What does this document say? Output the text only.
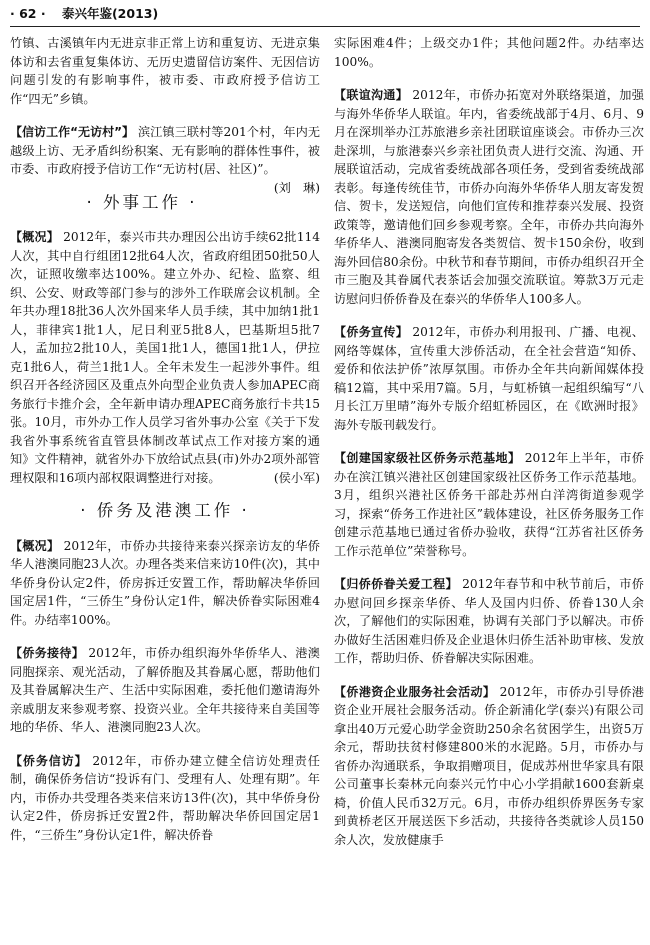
· 62 · 泰兴年鉴(2013)

竹镇、古溪镇年内无进京非正常上访和重复访、无进京集体访和去省重复集体访、无历史遗留信访案件、无因信访问题引发的有影响事件，被市委、市政府授予信访工作“四无”乡镇。

【信访工作“无访村”】 滨江镇三联村等201个村，年内无越级上访、无矛盾纠纷积案、无有影响的群体性事件，被市委、市政府授予信访工作“无访村(居、社区)”。
(刘　琳)

· 外事工作 ·

【概况】 2012年，泰兴市共办理因公出访手续62批114人次，其中自行组团12批64人次，省政府组团50批50人次，证照收缴率达100%。建立外办、纪检、监察、组织、公安、财政等部门参与的涉外工作联席会议机制。全年共办理18批36人次外国来华人员手续，其中加纳1批1人，菲律宾1批1人，尼日利亚5批8人，巴基斯坦5批7人，孟加拉2批10人，美国1批1人，德国1批1人，伊拉克1批6人，荷兰1批1人。全年未发生一起涉外事件。组织召开各经济园区及重点外向型企业负责人参加APEC商务旅行卡推介会，全年新申请办理APEC商务旅行卡共15张。10月，市外办工作人员学习省外事办公室《关于下发我省外事系统省直管县体制改革试点工作对接方案的通知》文件精神，就省外办下放给试点县(市)外办2项外部管理权限和16项内部权限调整进行对接。	(侯小军)

· 侨务及港澳工作 ·

【概况】 2012年，市侨办共接待来泰兴探亲访友的华侨华人港澳同胞23人次。办理各类来信来访10件(次)，其中华侨身份认定2件，侨房拆迁安置工作，帮助解决华侨回国定居1件，“三侨生”身份认定1件，解决侨眷实际困难4件。办结率100%。

【侨务接待】 2012年，市侨办组织海外华侨华人、港澳同胞探亲、观光活动，了解侨胞及其眷属心愿，帮助他们及其眷属解决生产、生活中实际困难，委托他们邀请海外亲戚朋友来参观考察、投资兴业。全年共接待来自美国等地的华侨、华人、港澳同胞23人次。

【侨务信访】 2012年，市侨办建立健全信访处理责任制，确保侨务信访“投诉有门、受理有人、处理有期”。年内，市侨办共受理各类来信来访13件(次)，其中华侨身份认定2件，侨房拆迁安置2件，帮助解决华侨回国定居1件，“三侨生”身份认定1件，解决侨眷

实际困难4件；上级交办1件；其他问题2件。办结率达100%。

【联谊沟通】 2012年，市侨办拓宽对外联络渠道，加强与海外华侨华人联谊。年内，省委统战部于4月、6月、9月在深圳举办江苏旅港乡亲社团联谊座谈会。市侨办三次赴深圳，与旅港泰兴乡亲社团负责人进行交流、沟通、开展联谊活动，完成省委统战部各项任务，受到省委统战部表彰。每逢传统佳节，市侨办向海外华侨华人朋友寄发贺信、贺卡，发送短信，向他们宣传和推荐泰兴发展、投资政策等，邀请他们回乡参观考察。全年，市侨办共向海外华侨华人、港澳同胞寄发各类贺信、贺卡150余份，收到海外回信80余份。中秋节和春节期间，市侨办组织召开全市三胞及其眷属代表茶话会加强交流联谊。筹款3万元走访慰问归侨侨眷及在泰兴的华侨华人100多人。

【侨务宣传】 2012年，市侨办利用报刊、广播、电视、网络等媒体，宣传重大涉侨活动，在全社会营造“知侨、爱侨和依法护侨”浓厚氛围。市侨办全年共向新闻媒体投稿12篇，其中采用7篇。5月，与虹桥镇一起组织编写“八月长江万里晴”海外专版介绍虹桥园区，在《欧洲时报》海外专版刊载发行。

【创建国家级社区侨务示范基地】 2012年上半年，市侨办在滨江镇兴港社区创建国家级社区侨务工作示范基地。3月，组织兴港社区侨务干部赴苏州白洋湾街道参观学习，探索“侨务工作进社区”载体建设，社区侨务服务工作创建示范基地已通过省侨办验收，获得“江苏省社区侨务工作示范单位”荣誉称号。

【归侨侨眷关爱工程】 2012年春节和中秋节前后，市侨办慰问回乡探亲华侨、华人及国内归侨、侨眷130人余次，了解他们的实际困难，协调有关部门予以解决。市侨办做好生活困难归侨及企业退休归侨生活补助审核、发放工作，帮助归侨、侨眷解决实际困难。

【侨港资企业服务社会活动】 2012年，市侨办引导侨港资企业开展社会服务活动。侨企新浦化学(泰兴)有限公司拿出40万元爱心助学金资助250余名贫困学生，出资5万余元，帮助扶贫村修建800米的水泥路。5月，市侨办与省侨办沟通联系，争取捐赠项目，促成苏州世华家具有限公司董事长秦林元向泰兴元竹中心小学捐献1600套新桌椅，价值人民币32万元。6月，市侨办组织侨界医务专家到黄桥老区开展送医下乡活动，共接待各类就诊人员150余人次，发放健康手
